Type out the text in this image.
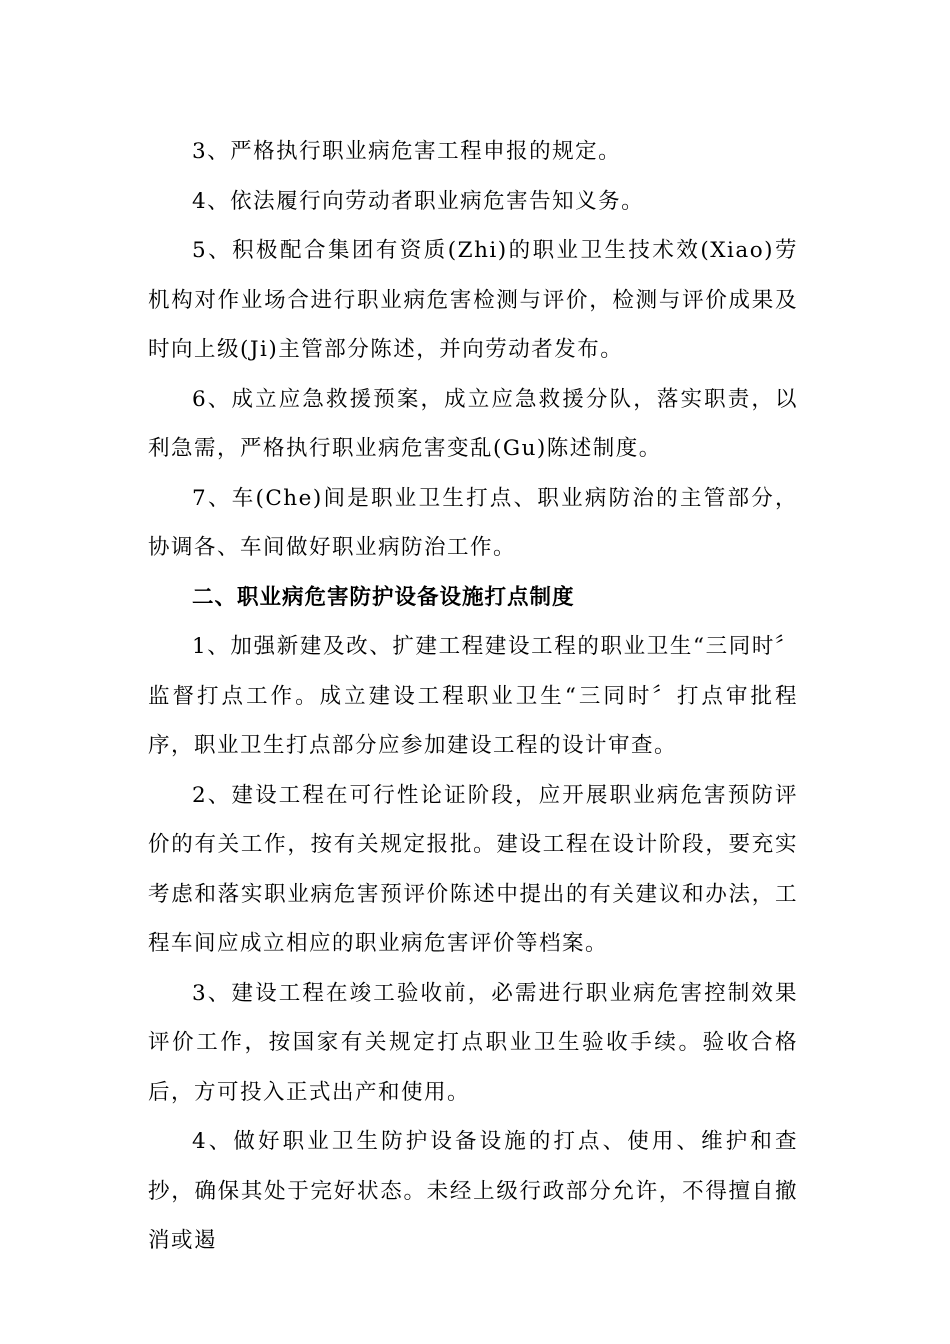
3、严格执行职业病危害工程申报的规定。

4、依法履行向劳动者职业病危害告知义务。

5、积极配合集团有资质(Zhi)的职业卫生技术效(Xiao)劳机构对作业场合进行职业病危害检测与评价，检测与评价成果及时向上级(Ji)主管部分陈述，并向劳动者发布。

6、成立应急救援预案，成立应急救援分队，落实职责，以利急需，严格执行职业病危害变乱(Gu)陈述制度。

7、车(Che)间是职业卫生打点、职业病防治的主管部分，协调各、车间做好职业病防治工作。

二、职业病危害防护设备设施打点制度

1、加强新建及改、扩建工程建设工程的职业卫生“三同时〞监督打点工作。成立建设工程职业卫生“三同时〞打点审批程序，职业卫生打点部分应参加建设工程的设计审查。

2、建设工程在可行性论证阶段，应开展职业病危害预防评价的有关工作，按有关规定报批。建设工程在设计阶段，要充实考虑和落实职业病危害预评价陈述中提出的有关建议和办法，工程车间应成立相应的职业病危害评价等档案。

3、建设工程在竣工验收前，必需进行职业病危害控制效果评价工作，按国家有关规定打点职业卫生验收手续。验收合格后，方可投入正式出产和使用。

4、做好职业卫生防护设备设施的打点、使用、维护和查抄，确保其处于完好状态。未经上级行政部分允许，不得擅自撤消或遏
